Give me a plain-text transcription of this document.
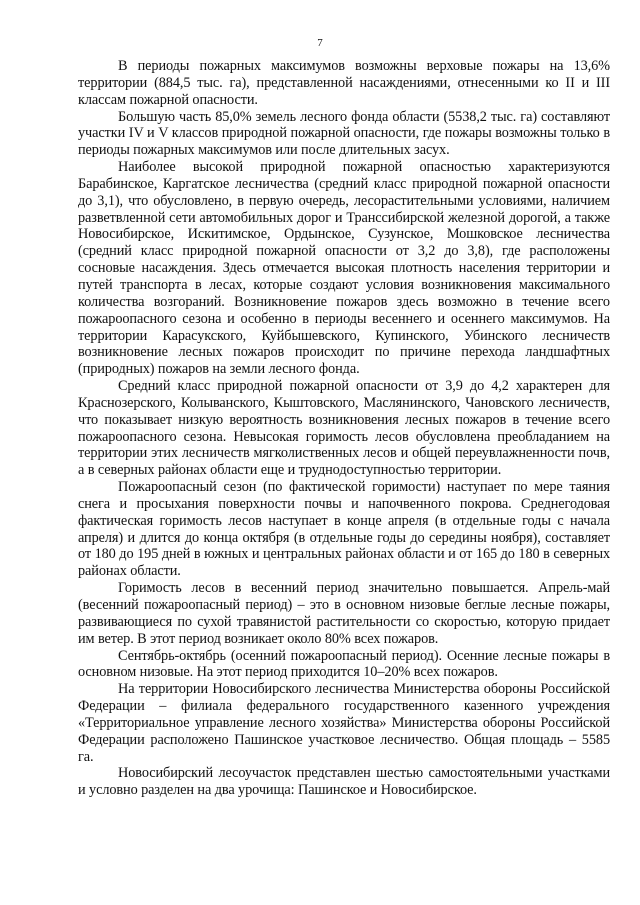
7

В периоды пожарных максимумов возможны верховые пожары на 13,6% территории (884,5 тыс. га), представленной насаждениями, отнесенными ко II и III классам пожарной опасности.

Большую часть 85,0% земель лесного фонда области (5538,2 тыс. га) составляют участки IV и V классов природной пожарной опасности, где пожары возможны только в периоды пожарных максимумов или после длительных засух.

Наиболее высокой природной пожарной опасностью характеризуются Барабинское, Каргатское лесничества (средний класс природной пожарной опасности до 3,1), что обусловлено, в первую очередь, лесорастительными условиями, наличием разветвленной сети автомобильных дорог и Транссибирской железной дорогой, а также Новосибирское, Искитимское, Ордынское, Сузунское, Мошковское лесничества (средний класс природной пожарной опасности от 3,2 до 3,8), где расположены сосновые насаждения. Здесь отмечается высокая плотность населения территории и путей транспорта в лесах, которые создают условия возникновения максимального количества возгораний. Возникновение пожаров здесь возможно в течение всего пожароопасного сезона и особенно в периоды весеннего и осеннего максимумов. На территории Карасукского, Куйбышевского, Купинского, Убинского лесничеств возникновение лесных пожаров происходит по причине перехода ландшафтных (природных) пожаров на земли лесного фонда.

Средний класс природной пожарной опасности от 3,9 до 4,2 характерен для Краснозерского, Колыванского, Кыштовского, Маслянинского, Чановского лесничеств, что показывает низкую вероятность возникновения лесных пожаров в течение всего пожароопасного сезона. Невысокая горимость лесов обусловлена преобладанием на территории этих лесничеств мягколиственных лесов и общей переувлажненности почв, а в северных районах области еще и труднодоступностью территории.

Пожароопасный сезон (по фактической горимости) наступает по мере таяния снега и просыхания поверхности почвы и напочвенного покрова. Среднегодовая фактическая горимость лесов наступает в конце апреля (в отдельные годы с начала апреля) и длится до конца октября (в отдельные годы до середины ноября), составляет от 180 до 195 дней в южных и центральных районах области и от 165 до 180 в северных районах области.

Горимость лесов в весенний период значительно повышается. Апрель-май (весенний пожароопасный период) – это в основном низовые беглые лесные пожары, развивающиеся по сухой травянистой растительности со скоростью, которую придает им ветер. В этот период возникает около 80% всех пожаров.

Сентябрь-октябрь (осенний пожароопасный период). Осенние лесные пожары в основном низовые. На этот период приходится 10–20% всех пожаров.

На территории Новосибирского лесничества Министерства обороны Российской Федерации – филиала федерального государственного казенного учреждения «Территориальное управление лесного хозяйства» Министерства обороны Российской Федерации расположено Пашинское участковое лесничество. Общая площадь – 5585 га.

Новосибирский лесоучасток представлен шестью самостоятельными участками и условно разделен на два урочища: Пашинское и Новосибирское.
